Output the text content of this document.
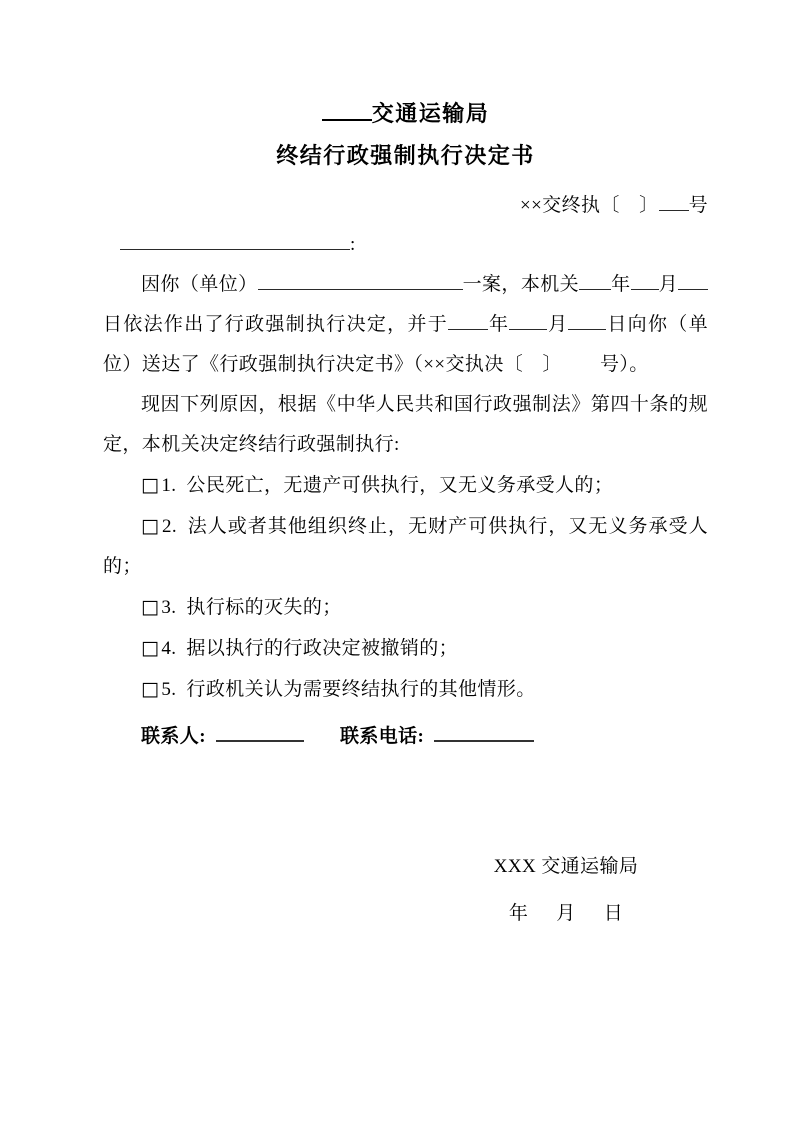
交通运输局
终结行政强制执行决定书
××交终执〔　〕 号
:
因你（单位）	一案，本机关 年 月日依法作出了行政强制执行决定，并于 年 月 日向你（单位）送达了《行政强制执行决定书》（××交执决〔　〕 号）。
现因下列原因，根据《中华人民共和国行政强制法》第四十条的规定，本机关决定终结行政强制执行:
□ 1. 公民死亡，无遗产可供执行，又无义务承受人的；
□ 2. 法人或者其他组织终止，无财产可供执行，又无义务承受人的；
□ 3. 执行标的灭失的；
□ 4. 据以执行的行政决定被撤销的；
□ 5. 行政机关认为需要终结执行的其他情形。
联系人:	联系电话:
XXX 交通运输局
年 月 日
